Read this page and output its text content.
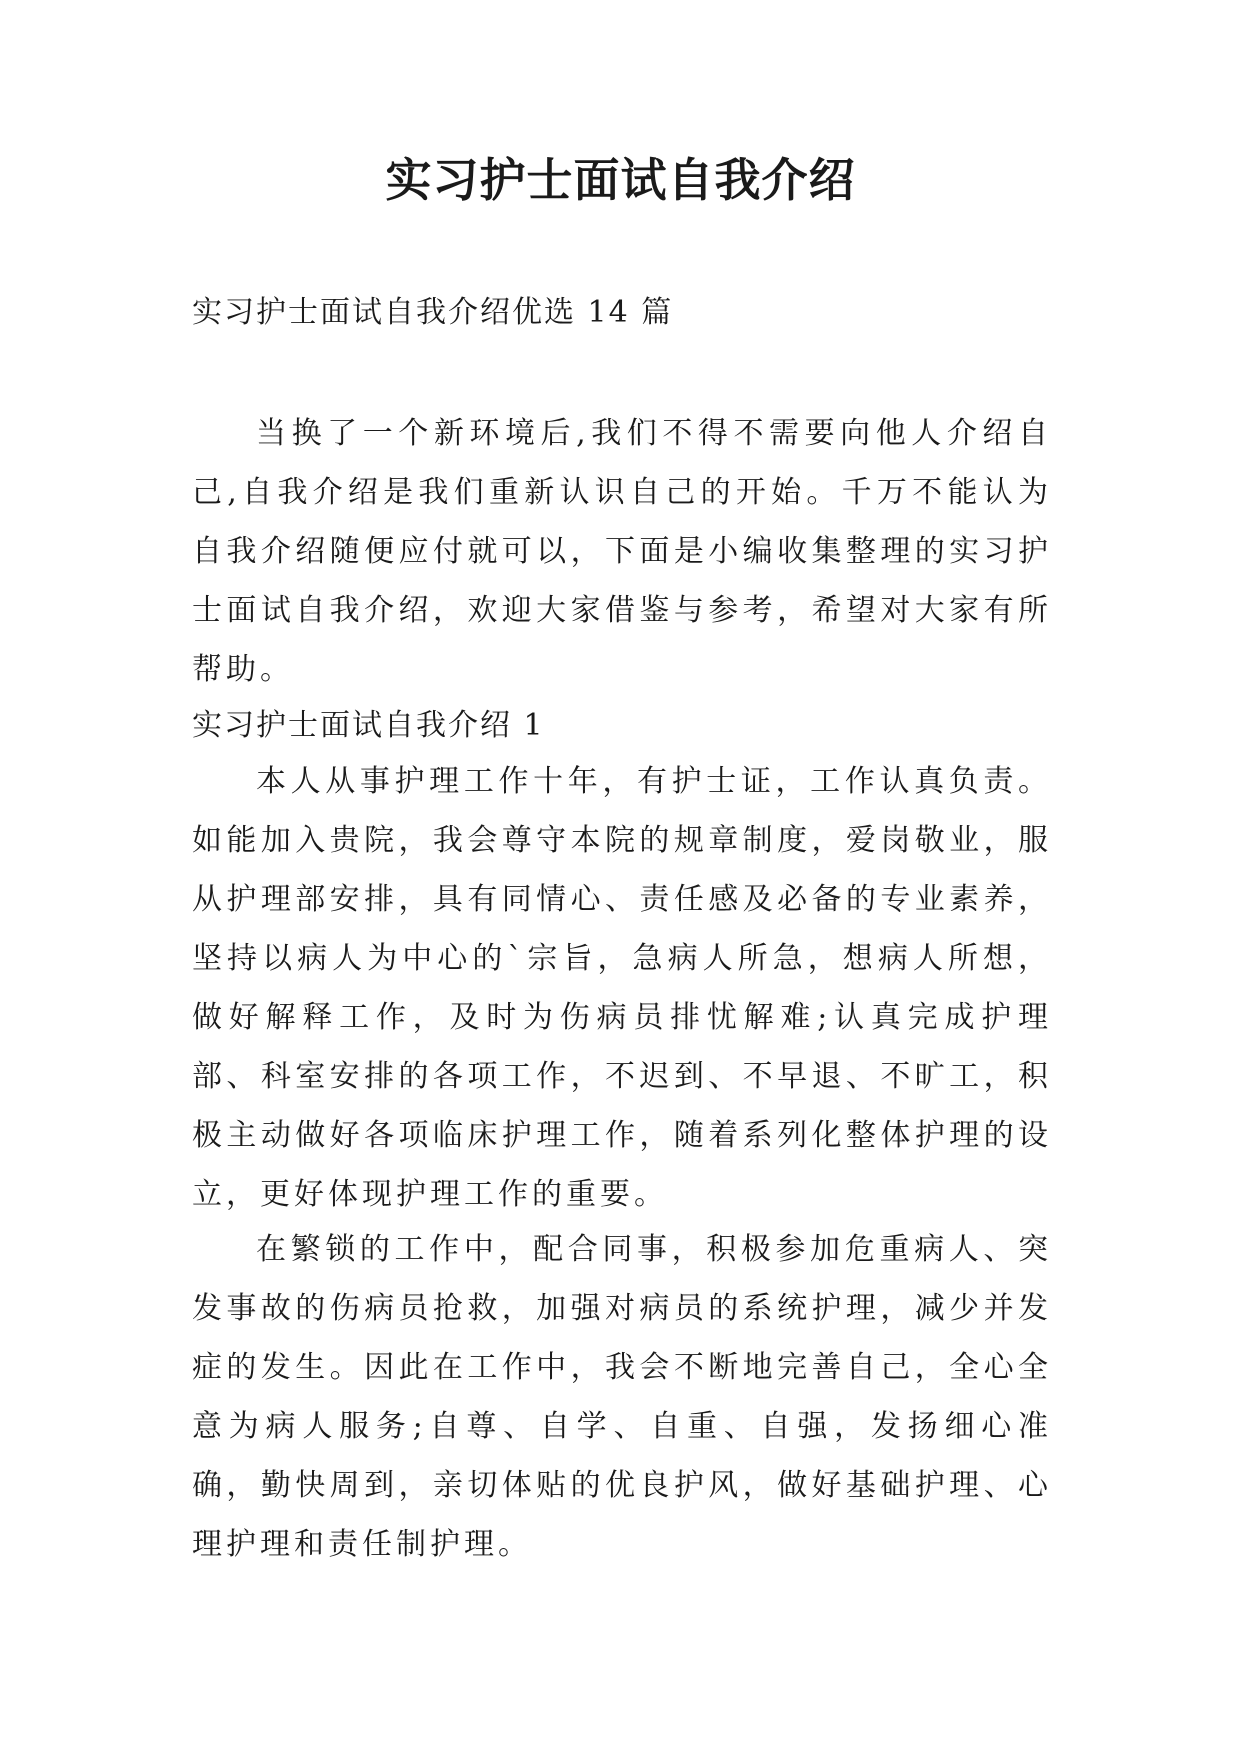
实习护士面试自我介绍
实习护士面试自我介绍优选 14 篇
当换了一个新环境后,我们不得不需要向他人介绍自己,自我介绍是我们重新认识自己的开始。千万不能认为自我介绍随便应付就可以，下面是小编收集整理的实习护士面试自我介绍，欢迎大家借鉴与参考，希望对大家有所帮助。
实习护士面试自我介绍 1
本人从事护理工作十年，有护士证，工作认真负责。如能加入贵院，我会尊守本院的规章制度，爱岗敬业，服从护理部安排，具有同情心、责任感及必备的专业素养，坚持以病人为中心的`宗旨，急病人所急，想病人所想，做好解释工作，及时为伤病员排忧解难;认真完成护理部、科室安排的各项工作，不迟到、不早退、不旷工，积极主动做好各项临床护理工作，随着系列化整体护理的设立，更好体现护理工作的重要。
在繁锁的工作中，配合同事，积极参加危重病人、突发事故的伤病员抢救，加强对病员的系统护理，减少并发症的发生。因此在工作中，我会不断地完善自己，全心全意为病人服务;自尊、自学、自重、自强，发扬细心准确，勤快周到，亲切体贴的优良护风，做好基础护理、心理护理和责任制护理。
